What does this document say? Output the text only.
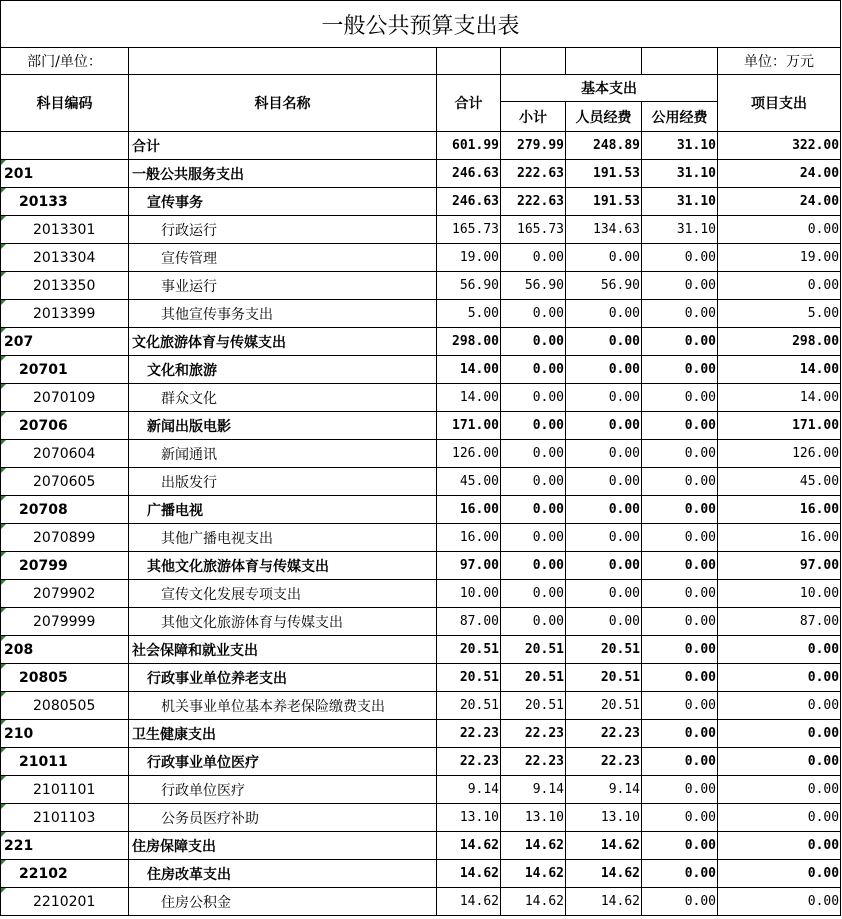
一般公共预算支出表						
部门/单位：						单位：万元
科目编码	科目名称	合计	基本支出			项目支出
			小计	人员经费	公用经费	
	合计	601.99	279.99	248.89	31.10	322.00
201	一般公共服务支出	246.63	222.63	191.53	31.10	24.00
20133	宣传事务	246.63	222.63	191.53	31.10	24.00
2013301	行政运行	165.73	165.73	134.63	31.10	0.00
2013304	宣传管理	19.00	0.00	0.00	0.00	19.00
2013350	事业运行	56.90	56.90	56.90	0.00	0.00
2013399	其他宣传事务支出	5.00	0.00	0.00	0.00	5.00
207	文化旅游体育与传媒支出	298.00	0.00	0.00	0.00	298.00
20701	文化和旅游	14.00	0.00	0.00	0.00	14.00
2070109	群众文化	14.00	0.00	0.00	0.00	14.00
20706	新闻出版电影	171.00	0.00	0.00	0.00	171.00
2070604	新闻通讯	126.00	0.00	0.00	0.00	126.00
2070605	出版发行	45.00	0.00	0.00	0.00	45.00
20708	广播电视	16.00	0.00	0.00	0.00	16.00
2070899	其他广播电视支出	16.00	0.00	0.00	0.00	16.00
20799	其他文化旅游体育与传媒支出	97.00	0.00	0.00	0.00	97.00
2079902	宣传文化发展专项支出	10.00	0.00	0.00	0.00	10.00
2079999	其他文化旅游体育与传媒支出	87.00	0.00	0.00	0.00	87.00
208	社会保障和就业支出	20.51	20.51	20.51	0.00	0.00
20805	行政事业单位养老支出	20.51	20.51	20.51	0.00	0.00
2080505	机关事业单位基本养老保险缴费支出	20.51	20.51	20.51	0.00	0.00
210	卫生健康支出	22.23	22.23	22.23	0.00	0.00
21011	行政事业单位医疗	22.23	22.23	22.23	0.00	0.00
2101101	行政单位医疗	9.14	9.14	9.14	0.00	0.00
2101103	公务员医疗补助	13.10	13.10	13.10	0.00	0.00
221	住房保障支出	14.62	14.62	14.62	0.00	0.00
22102	住房改革支出	14.62	14.62	14.62	0.00	0.00
2210201	住房公积金	14.62	14.62	14.62	0.00	0.00
